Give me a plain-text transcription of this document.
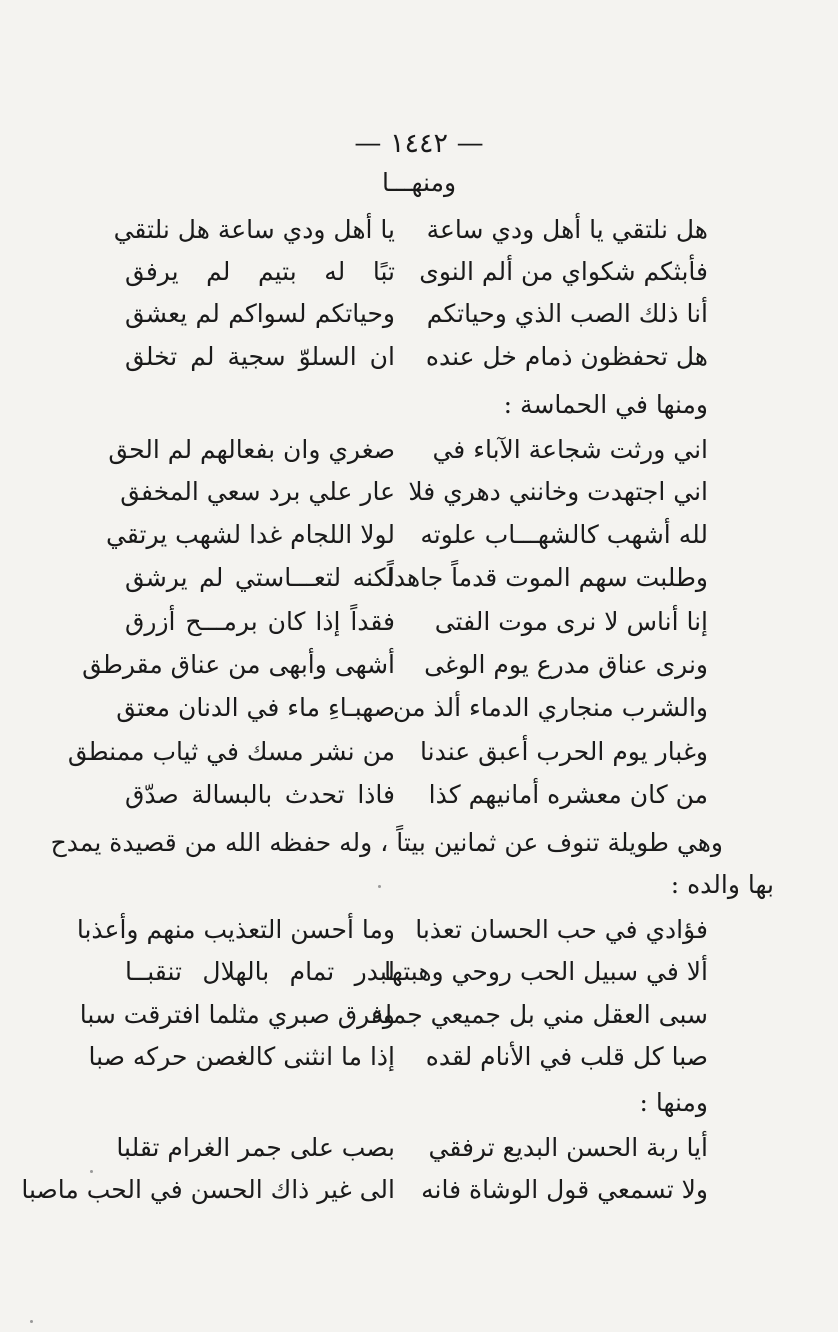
— ١٤٤٢ —
ومنهـــا
هل نلتقي يا أهل ودي ساعة
يا أهل ودي ساعة هل نلتقي
فأبثكم شكواي من ألم النوى
تبًا له بتيم لم يرفق
أنا ذلك الصب الذي وحياتكم
وحياتكم لسواكم لم يعشق
هل تحفظون ذمام خل عنده
ان السلوّ سجية لم تخلق
ومنها في الحماسة :
اني ورثت شجاعة الآباء في
صغري وان بفعالهم لم الحق
اني اجتهدت وخانني دهري فلا
عار علي برد سعي المخفق
لله أشهب كالشهـــاب علوته
لولا اللجام غدا لشهب يرتقي
وطلبت سهم الموت قدماً جاهداً
لكنه لتعـــاستي لم يرشق
إنا أناس لا نرى موت الفتى
فقداً إذا كان برمـــح أزرق
ونرى عناق مدرع يوم الوغى
أشهى وأبهى من عناق مقرطق
والشرب منجاري الدماء ألذ من
صهبـاءِ ماء في الدنان معتق
وغبار يوم الحرب أعبق عندنا
من نشر مسك في ثياب ممنطق
من كان معشره أمانيهم كذا
فاذا تحدث بالبسالة صدّق
وهي طويلة تنوف عن ثمانين بيتاً ، وله حفظه الله من قصيدة يمدح
بها والده :
فؤادي في حب الحسان تعذبا
وما أحسن التعذيب منهم وأعذبا
ألا في سبيل الحب روحي وهبتها
لبدر تمام بالهلال تنقبــا
سبى العقل مني بل جميعي جملة
وفرق صبري مثلما افترقت سبا
صبا كل قلب في الأنام لقده
إذا ما انثنى كالغصن حركه صبا
ومنها :
أيا ربة الحسن البديع ترفقي
بصب على جمر الغرام تقلبا
ولا تسمعي قول الوشاة فانه
الى غير ذاك الحسن في الحب ماصبا
